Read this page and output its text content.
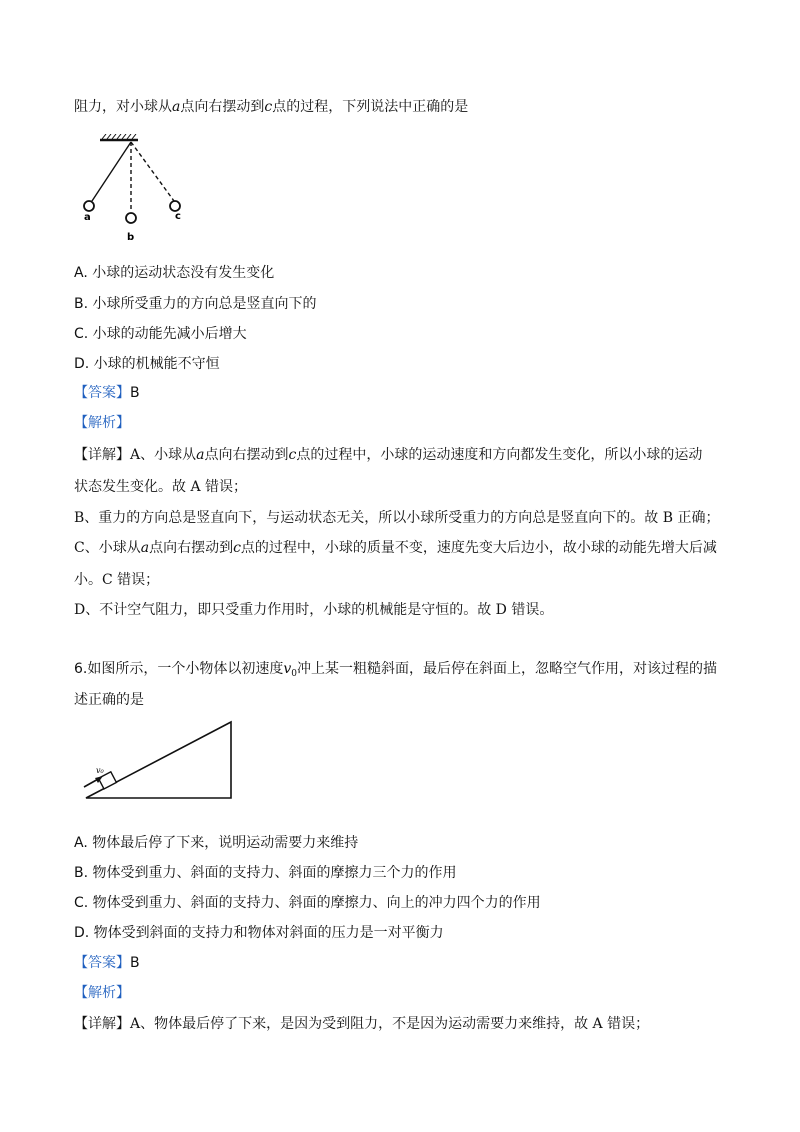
阻力，对小球从a点向右摆动到c点的过程，下列说法中正确的是
a
b
c
A. 小球的运动状态没有发生变化
B. 小球所受重力的方向总是竖直向下的
C. 小球的动能先减小后增大
D. 小球的机械能不守恒
【答案】B
【解析】
【详解】A、小球从a点向右摆动到c点的过程中，小球的运动速度和方向都发生变化，所以小球的运动
状态发生变化。故 A 错误；
B、重力的方向总是竖直向下，与运动状态无关，所以小球所受重力的方向总是竖直向下的。故 B 正确；
C、小球从a点向右摆动到c点的过程中，小球的质量不变，速度先变大后边小，故小球的动能先增大后减
小。C 错误；
D、不计空气阻力，即只受重力作用时，小球的机械能是守恒的。故 D 错误。
6.如图所示，一个小物体以初速度$v_0$冲上某一粗糙斜面，最后停在斜面上，忽略空气作用，对该过程的描
述正确的是
v₀
A. 物体最后停了下来，说明运动需要力来维持
B. 物体受到重力、斜面的支持力、斜面的摩擦力三个力的作用
C. 物体受到重力、斜面的支持力、斜面的摩擦力、向上的冲力四个力的作用
D. 物体受到斜面的支持力和物体对斜面的压力是一对平衡力
【答案】B
【解析】
【详解】A、物体最后停了下来，是因为受到阻力，不是因为运动需要力来维持，故 A 错误；
